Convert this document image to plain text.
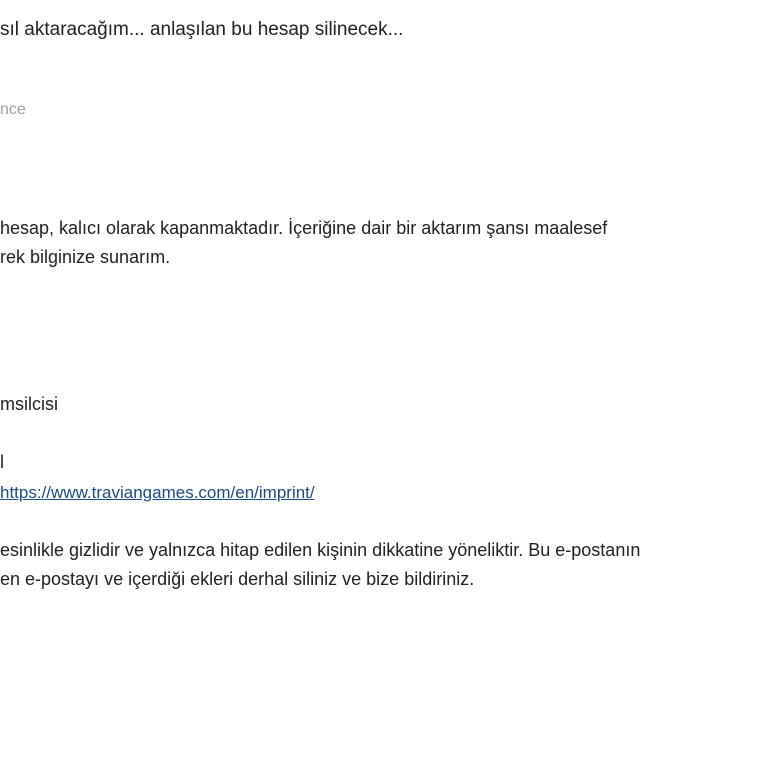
sıl aktaracağım... anlaşılan bu hesap silinecek...
nce
hesap, kalıcı olarak kapanmaktadır. İçeriğine dair bir aktarım şansı maalesef
rek bilginize sunarım.
msilcisi
l
https://www.traviangames.com/en/imprint/
esinlikle gizlidir ve yalnızca hitap edilen kişinin dikkatine yöneliktir. Bu e-postanın
en e-postayı ve içerdiği ekleri derhal siliniz ve bize bildiriniz.
